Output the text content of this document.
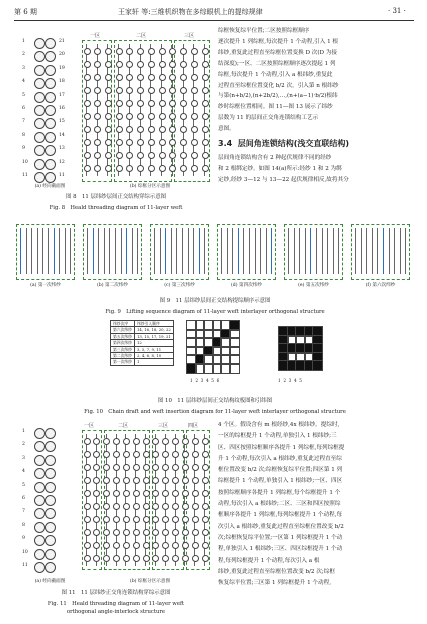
第 6 期	王家轩 等:三维机织物在多综眼机上的提综规律	· 31 ·
1	21
2	20
3	19
4	18
5	17
6	16
7	15
8	14
9	13
10	12
11	11
一区	二区	三区
(a) 经向截面图	(b) 综框分区示意图
图 8　11 层纬纱层间正交结构穿综示意图
Fig. 8　Heald threading diagram of 11-layer weft
综框恢复综平位置;二区按照综框顺序
逐次提升 1 列综框,每次提升 1 个动程,引入 1 根
纬纱,重复此过程直至综框位置变换 D 次(D 为接
结深度);一区、二区按照综框顺序逐次提起 1 列
综框,每次提升 1 个动程,引入 a 根纬纱,重复此
过程直至综框位置变化 b/2 次。引入第 n 根纬纱
与第(n+b/2),(n+2b/2),…,(n+(a−1)·b/2)根纬
纱时综框位置相同。图 11—图 13 展示了纬纱
层数为 11 的层间正交角连锁结构工艺示
意图。
3.4 层间角连锁结构(浅交直联结构)
层间角连锁结构含有 2 种起伏规律不同的经纱
和 2 根绑定纱。如图 14(a)所示:经纱 1 和 2 为绑
定纱,经纱 3—12 与 13—22 起伏规律相反,故将其分
(a) 第一次纬纱	(b) 第二次纬纱	(c) 第三次纬纱	(d) 第四次纬纱	(e) 第五次纬纱	(f) 第六次纬纱
图 9　11 层纬纱层间正交结构提综顺序示意图
Fig. 9　Lifting sequence diagram of 11-layer weft interlayer orthogonal structure
纬纱次序	纬纱引入顺序
第六次纬纱	14, 16, 18, 20, 22
第五次纬纱	13, 15, 17, 19, 21
第四次纬纱	12
第三次纬纱	3, 5, 7, 9, 11
第二次纬纱	2, 4, 6, 8, 10
第一次纬纱	1
1  2  3  4  5  6	1  2  3  4  5
图 10　11 层纬纱层间正交结构纹板图和引纬图
Fig. 10　Chain draft and weft insertion diagram for 11-layer weft interlayer orthogonal structure
1
2
3
4
5
6
7
8
9
10
11
一区	二区	三区	四区
(a) 经向截面图	(b) 综框分区示意图
图 11　11 层纬纱正交角连锁结构穿综示意图
Fig. 11　Heald threading diagram of 11-layer weft
orthogonal angle-interlock structure
4 个区。假设含有 m 根经纱,4x 根纬纱。提综时,
一区的综框提升 1 个动程,单独引入 1 根纬纱;三
区、四区按照综框顺序各提升 1 列综框,每列综框提
升 1 个动程,每次引入 a 根纬纱,重复此过程直至综
框位置改变 b/2 次;综框恢复综平位置;四区第 1 列
综框提升 1 个动程,单独引入 1 根纬纱;一区、四区
按照综框顺序各提升 1 列综框,每个综框提升 1 个
动程,每次引入 a 根纬纱;二区、三区和四区按照综
框顺序各提升 1 列综框,每列综框提升 1 个动程,每
次引入 a 根纬纱,重复此过程直至综框位置改变 b/2
次;综框恢复综平位置;一区第 1 列综框提升 1 个动
程,单独引入 1 根纬纱;三区、四区综框提升 1 个动
程,每列综框提升 1 个动程,每次引入 a 根
纬纱,重复此过程直至综框位置改变 b/2 次;综框
恢复综平位置;三区第 1 列综框提升 1 个动程,
